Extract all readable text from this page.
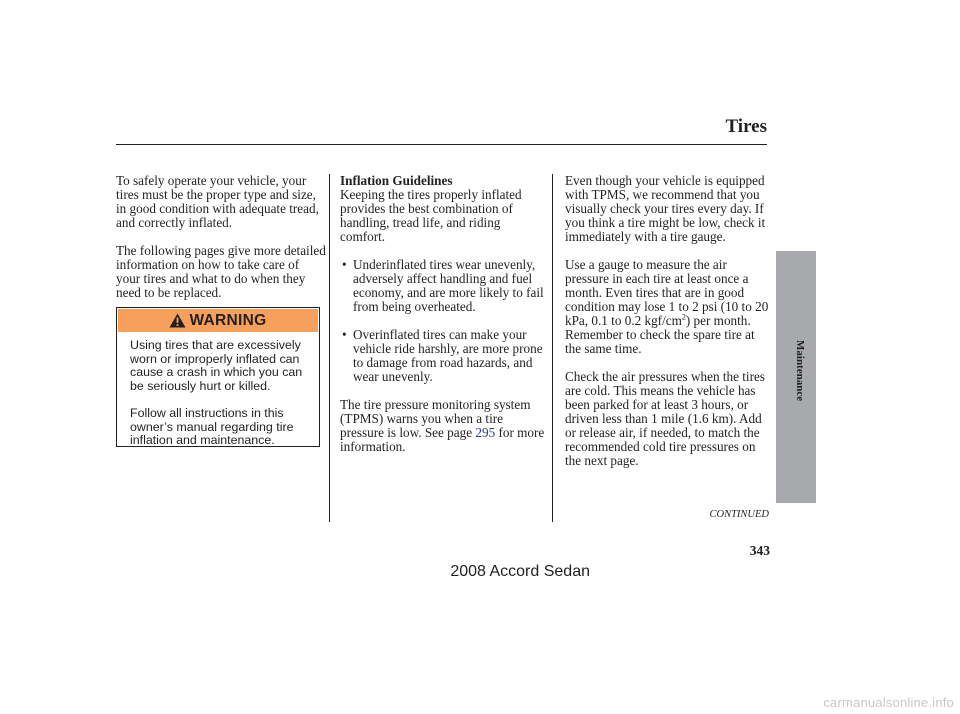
Tires
Maintenance

To safely operate your vehicle, your tires must be the proper type and size, in good condition with adequate tread, and correctly inflated.

The following pages give more detailed information on how to take care of your tires and what to do when they need to be replaced.

WARNING

Using tires that are excessively worn or improperly inflated can cause a crash in which you can be seriously hurt or killed.

Follow all instructions in this owner’s manual regarding tire inflation and maintenance.

Inflation Guidelines

Keeping the tires properly inflated provides the best combination of handling, tread life, and riding comfort.

• Underinflated tires wear unevenly, adversely affect handling and fuel economy, and are more likely to fail from being overheated.
• Overinflated tires can make your vehicle ride harshly, are more prone to damage from road hazards, and wear unevenly.

The tire pressure monitoring system (TPMS) warns you when a tire pressure is low. See page 295 for more information.

Even though your vehicle is equipped with TPMS, we recommend that you visually check your tires every day. If you think a tire might be low, check it immediately with a tire gauge.

Use a gauge to measure the air pressure in each tire at least once a month. Even tires that are in good condition may lose 1 to 2 psi (10 to 20 kPa, 0.1 to 0.2 kgf/$cm^2$) per month. Remember to check the spare tire at the same time.

Check the air pressures when the tires are cold. This means the vehicle has been parked for at least 3 hours, or driven less than 1 mile (1.6 km). Add or release air, if needed, to match the recommended cold tire pressures on the next page.

CONTINUED
343
2008 Accord Sedan
carmanualsonline.info
